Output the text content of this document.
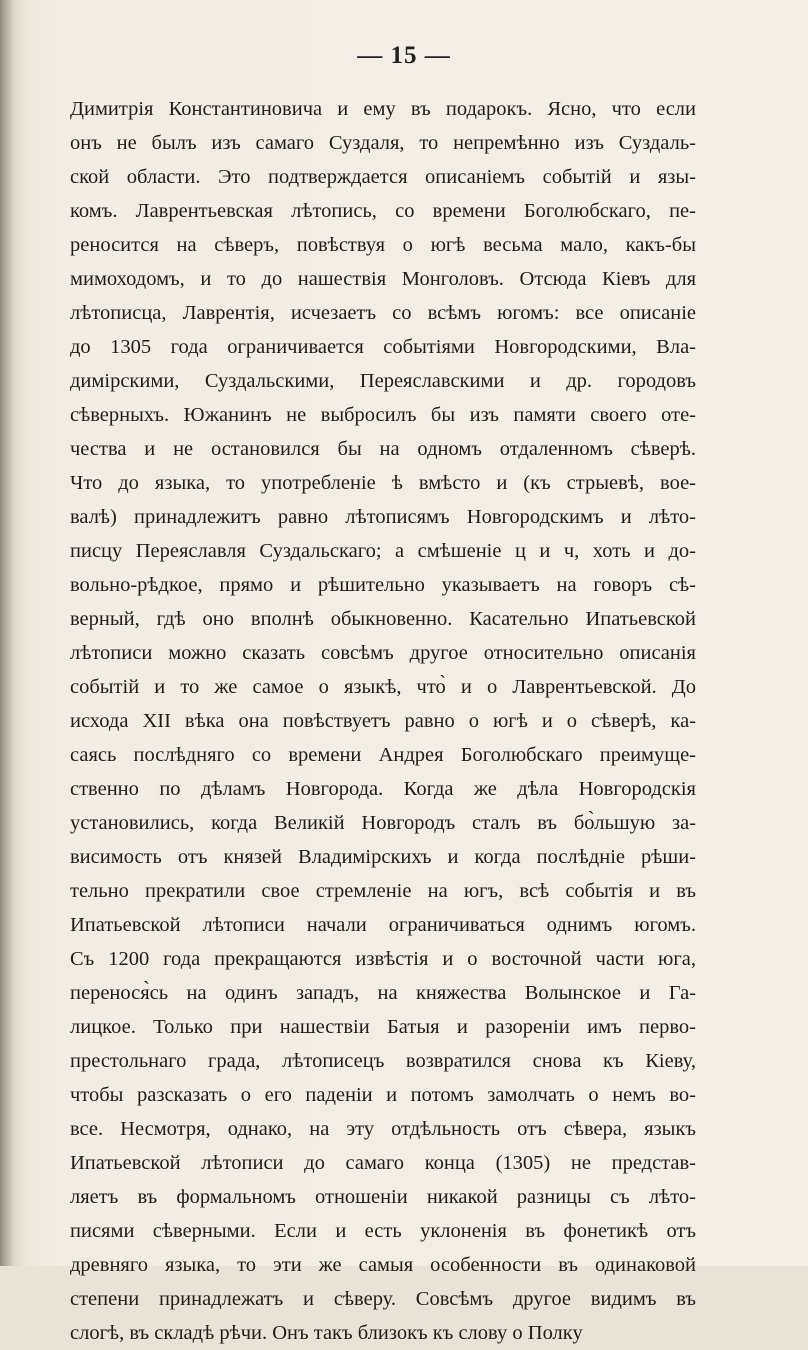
— 15 —
Димитрія Константиновича и ему въ подарокъ. Ясно, что если
онъ не былъ изъ самаго Суздаля, то непремѣнно изъ Суздаль-
ской области. Это подтверждается описаніемъ событій и язы-
комъ. Лаврентьевская лѣтопись, со времени Боголюбскаго, пе-
реносится на сѣверъ, повѣствуя о югѣ весьма мало, какъ-бы
мимоходомъ, и то до нашествія Монголовъ. Отсюда Кіевъ для
лѣтописца, Лаврентія, исчезаетъ со всѣмъ югомъ: все описаніе
до 1305 года ограничивается событіями Новгородскими, Вла-
димірскими, Суздальскими, Переяславскими и др. городовъ
сѣверныхъ. Южанинъ не выбросилъ бы изъ памяти своего оте-
чества и не остановился бы на одномъ отдаленномъ сѣверѣ.
Что до языка, то употребленіе ѣ вмѣсто и (къ стрыевѣ, вое-
валѣ) принадлежитъ равно лѣтописямъ Новгородскимъ и лѣто-
писцу Переяславля Суздальскаго; а смѣшеніе ц и ч, хоть и до-
вольно-рѣдкое, прямо и рѣшительно указываетъ на говоръ сѣ-
верный, гдѣ оно вполнѣ обыкновенно. Касательно Ипатьевской
лѣтописи можно сказать совсѣмъ другое относительно описанія
событій и то же самое о языкѣ, что̀ и о Лаврентьевской. До
исхода XII вѣка она повѣствуетъ равно о югѣ и о сѣверѣ, ка-
саясь послѣдняго со времени Андрея Боголюбскаго преимуще-
ственно по дѣламъ Новгорода. Когда же дѣла Новгородскія
установились, когда Великій Новгородъ сталъ въ бо̀льшую за-
висимость отъ князей Владимірскихъ и когда послѣдніе рѣши-
тельно прекратили свое стремленіе на югъ, всѣ событія и въ
Ипатьевской лѣтописи начали ограничиваться однимъ югомъ.
Съ 1200 года прекращаются извѣстія и о восточной части юга,
перенося̀сь на одинъ западъ, на княжества Волынское и Га-
лицкое. Только при нашествіи Батыя и разореніи имъ перво-
престольнаго града, лѣтописецъ возвратился снова къ Кіеву,
чтобы разсказать о его паденіи и потомъ замолчать о немъ во-
все. Несмотря, однако, на эту отдѣльность отъ сѣвера, языкъ
Ипатьевской лѣтописи до самаго конца (1305) не представ-
ляетъ въ формальномъ отношеніи никакой разницы съ лѣто-
писями сѣверными. Если и есть уклоненія въ фонетикѣ отъ
древняго языка, то эти же самыя особенности въ одинаковой
степени принадлежатъ и сѣверу. Совсѣмъ другое видимъ въ
слогѣ, въ складѣ рѣчи. Онъ такъ близокъ къ слову о Полку
